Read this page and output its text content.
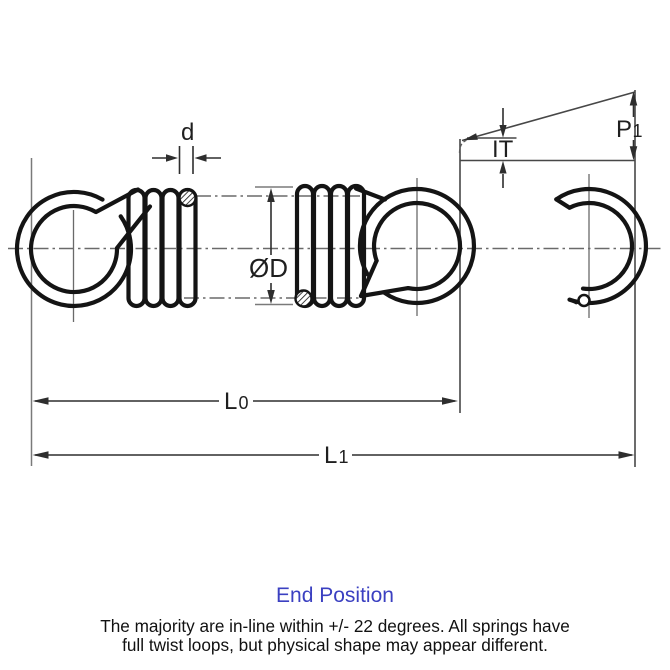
d
ØD
IT
P 1
L 0
L 1
End Position
The majority are in-line within +/- 22 degrees. All springs have
full twist loops, but physical shape may appear different.
